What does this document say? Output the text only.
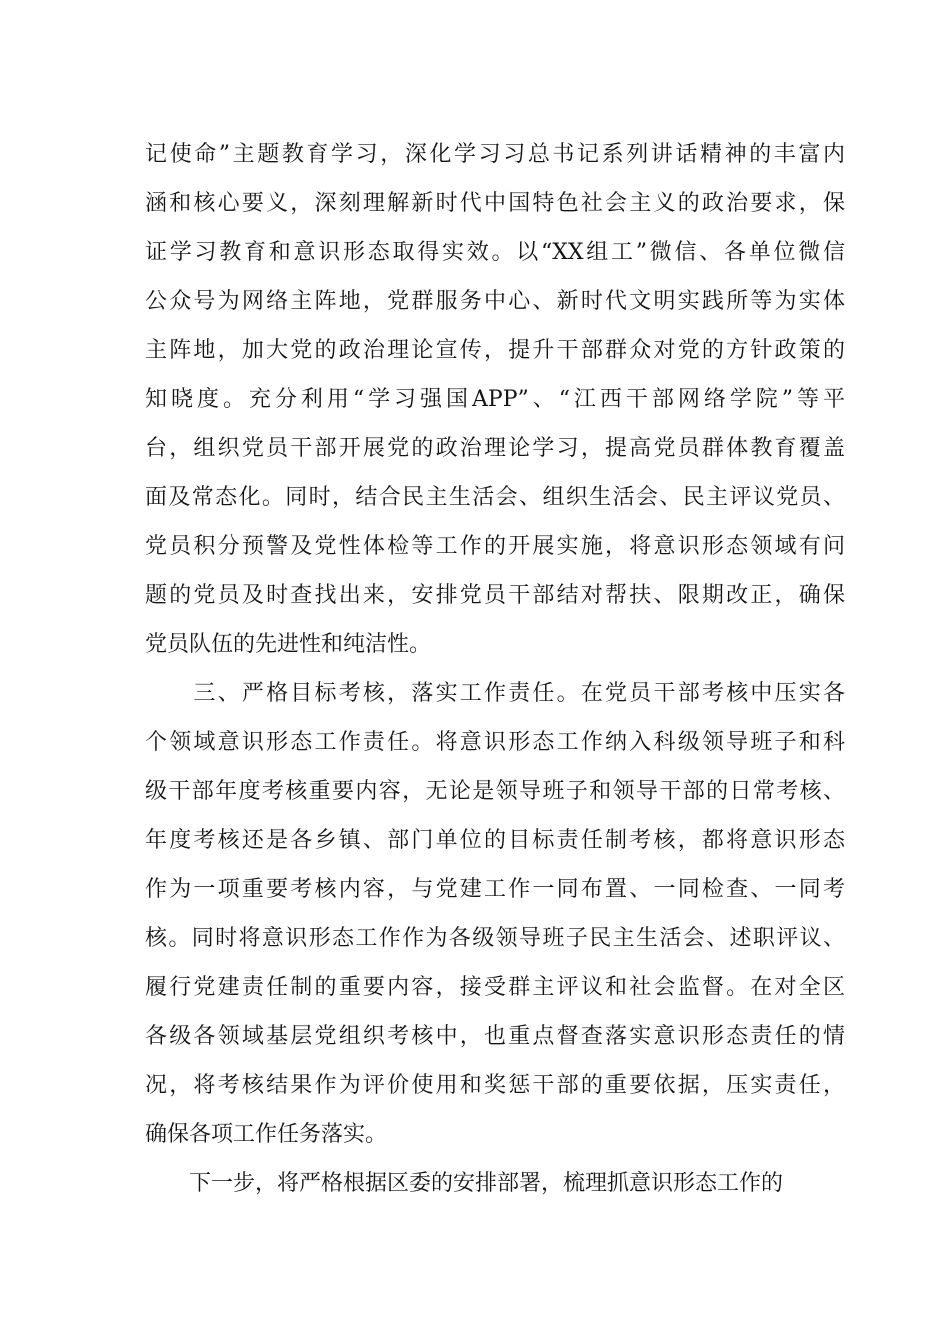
记使命”主题教育学习，深化学习习总书记系列讲话精神的丰富内
涵和核心要义，深刻理解新时代中国特色社会主义的政治要求，保
证学习教育和意识形态取得实效。以“XX组工”微信、各单位微信
公众号为网络主阵地，党群服务中心、新时代文明实践所等为实体
主阵地，加大党的政治理论宣传，提升干部群众对党的方针政策的
知晓度。充分利用“学习强国APP”、“江西干部网络学院”等平
台，组织党员干部开展党的政治理论学习，提高党员群体教育覆盖
面及常态化。同时，结合民主生活会、组织生活会、民主评议党员、
党员积分预警及党性体检等工作的开展实施，将意识形态领域有问
题的党员及时查找出来，安排党员干部结对帮扶、限期改正，确保
党员队伍的先进性和纯洁性。
　　三、严格目标考核，落实工作责任。在党员干部考核中压实各
个领域意识形态工作责任。将意识形态工作纳入科级领导班子和科
级干部年度考核重要内容，无论是领导班子和领导干部的日常考核、
年度考核还是各乡镇、部门单位的目标责任制考核，都将意识形态
作为一项重要考核内容，与党建工作一同布置、一同检查、一同考
核。同时将意识形态工作作为各级领导班子民主生活会、述职评议、
履行党建责任制的重要内容，接受群主评议和社会监督。在对全区
各级各领域基层党组织考核中，也重点督查落实意识形态责任的情
况，将考核结果作为评价使用和奖惩干部的重要依据，压实责任，
确保各项工作任务落实。
　　下一步，将严格根据区委的安排部署，梳理抓意识形态工作的
